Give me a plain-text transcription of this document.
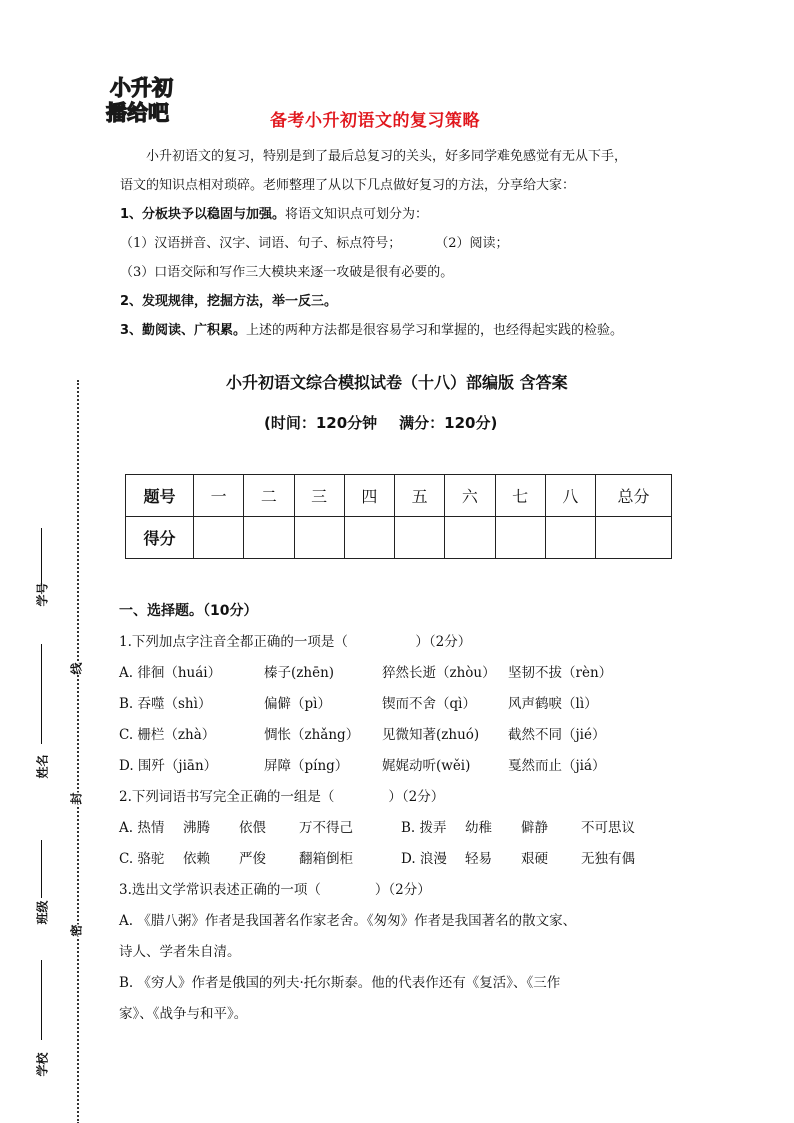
小升初
播给吧	备考小升初语文的复习策略

小升初语文的复习，特别是到了最后总复习的关头，好多同学难免感觉有无从下手，

语文的知识点相对琐碎。老师整理了从以下几点做好复习的方法，分享给大家：

1、分板块予以稳固与加强。将语文知识点可划分为：

（1）汉语拼音、汉字、词语、句子、标点符号；	（2）阅读；

（3）口语交际和写作三大模块来逐一攻破是很有必要的。

2、发现规律，挖掘方法，举一反三。

3、勤阅读、广积累。上述的两种方法都是很容易学习和掌握的，也经得起实践的检验。

小升初语文综合模拟试卷（十八）部编版 含答案
(时间：120分钟 满分：120分)
题号	一	二	三	四	五	六	七	八	总分
得分									

一、选择题。（10分）

1.下列加点字注音全都正确的一项是（　　　　　）（2分）

A. 徘徊（huái）	榛子(zhēn)	猝然长逝（zhòu） 坚韧不拔（rèn）

B. 吞噬（shì）	偏僻（pì）	锲而不舍（qì） 风声鹤唳（lì）

C. 栅栏（zhà）	惆怅（zhǎng） 见微知著(zhuó) 截然不同（jié）

D. 围歼（jiān）	屏障（píng） 娓娓动听(wěi)	戛然而止（jiá）

2.下列词语书写完全正确的一组是（　　　　）（2分）

A. 热情 沸腾 依偎 万不得己	B. 拨弄 幼稚 僻静 不可思议

C. 骆驼 依赖 严俊 翻箱倒柜	D. 浪漫 轻易 艰硬 无独有偶

3.选出文学常识表述正确的一项（　　　　）（2分）

A. 《腊八粥》作者是我国著名作家老舍。《匆匆》作者是我国著名的散文家、

诗人、学者朱自清。

B. 《穷人》作者是俄国的列夫·托尔斯泰。他的代表作还有《复活》、《三作

家》、《战争与和平》。

学号
姓名
班级
学校
线
封
密
